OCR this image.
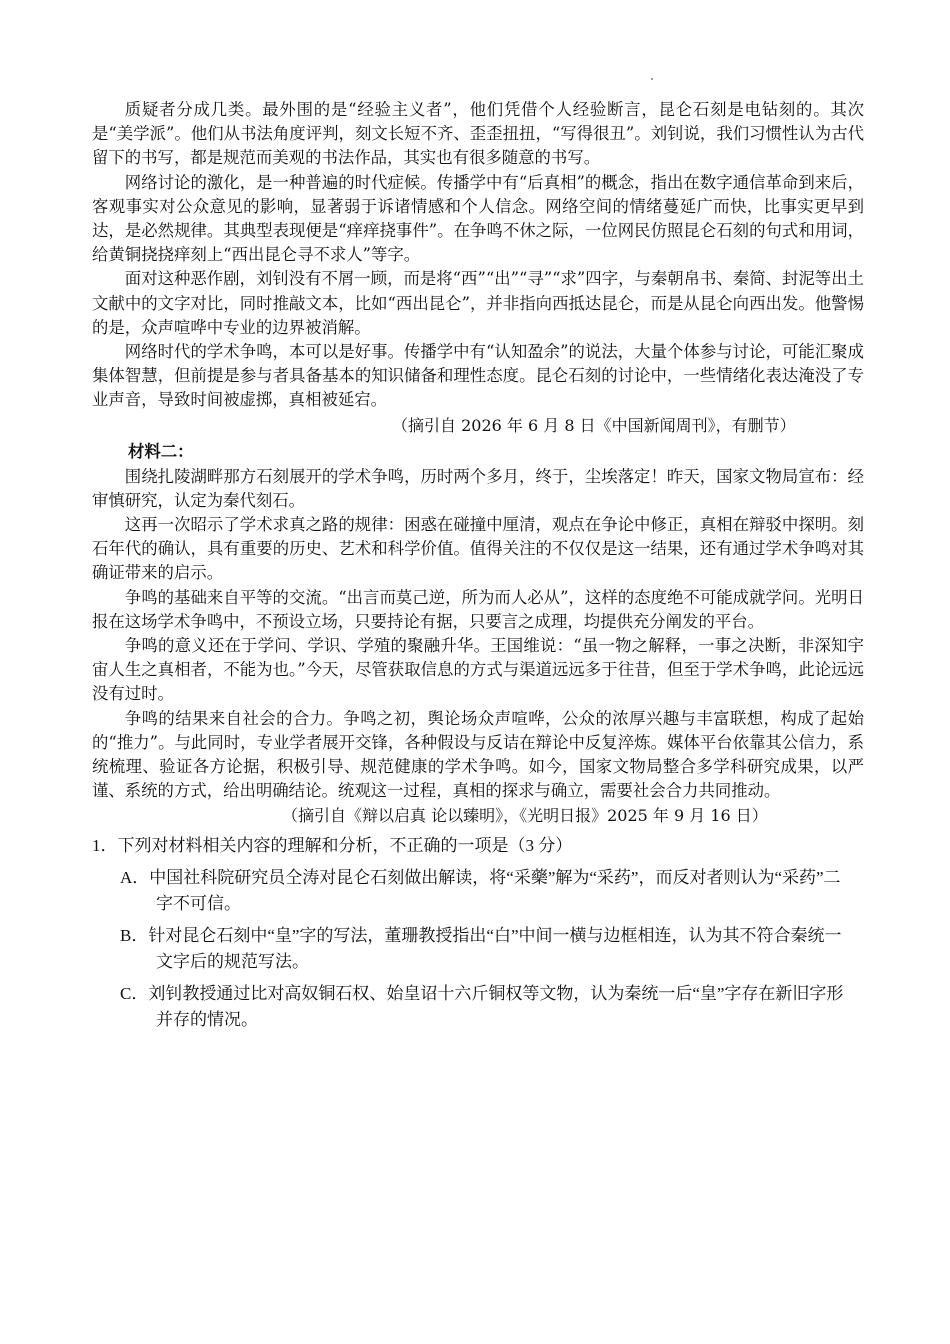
质疑者分成几类。最外围的是“经验主义者”，他们凭借个人经验断言，昆仑石刻是电钻刻的。其次是“美学派”。他们从书法角度评判，刻文长短不齐、歪歪扭扭，“写得很丑”。刘钊说，我们习惯性认为古代留下的书写，都是规范而美观的书法作品，其实也有很多随意的书写。

网络讨论的激化，是一种普遍的时代症候。传播学中有“后真相”的概念，指出在数字通信革命到来后，客观事实对公众意见的影响，显著弱于诉诸情感和个人信念。网络空间的情绪蔓延广而快，比事实更早到达，是必然规律。其典型表现便是“痒痒挠事件”。在争鸣不休之际，一位网民仿照昆仑石刻的句式和用词，给黄铜挠挠痒刻上“西出昆仑寻不求人”等字。

面对这种恶作剧，刘钊没有不屑一顾，而是将“西”“出”“寻”“求”四字，与秦朝帛书、秦简、封泥等出土文献中的文字对比，同时推敲文本，比如“西出昆仑”，并非指向西抵达昆仑，而是从昆仑向西出发。他警惕的是，众声喧哗中专业的边界被消解。

网络时代的学术争鸣，本可以是好事。传播学中有“认知盈余”的说法，大量个体参与讨论，可能汇聚成集体智慧，但前提是参与者具备基本的知识储备和理性态度。昆仑石刻的讨论中，一些情绪化表达淹没了专业声音，导致时间被虚掷，真相被延宕。

（摘引自 2026 年 6 月 8 日《中国新闻周刊》，有删节）

材料二：

围绕扎陵湖畔那方石刻展开的学术争鸣，历时两个多月，终于，尘埃落定！昨天，国家文物局宣布：经审慎研究，认定为秦代刻石。

这再一次昭示了学术求真之路的规律：困惑在碰撞中厘清，观点在争论中修正，真相在辩驳中探明。刻石年代的确认，具有重要的历史、艺术和科学价值。值得关注的不仅仅是这一结果，还有通过学术争鸣对其确证带来的启示。

争鸣的基础来自平等的交流。“出言而莫己逆，所为而人必从”，这样的态度绝不可能成就学问。光明日报在这场学术争鸣中，不预设立场，只要持论有据，只要言之成理，均提供充分阐发的平台。

争鸣的意义还在于学问、学识、学殖的聚融升华。王国维说：“虽一物之解释，一事之决断，非深知宇宙人生之真相者，不能为也。”今天，尽管获取信息的方式与渠道远远多于往昔，但至于学术争鸣，此论远远没有过时。

争鸣的结果来自社会的合力。争鸣之初，舆论场众声喧哗，公众的浓厚兴趣与丰富联想，构成了起始的“推力”。与此同时，专业学者展开交锋，各种假设与反诘在辩论中反复淬炼。媒体平台依靠其公信力，系统梳理、验证各方论据，积极引导、规范健康的学术争鸣。如今，国家文物局整合多学科研究成果，以严谨、系统的方式，给出明确结论。统观这一过程，真相的探求与确立，需要社会合力共同推动。

（摘引自《辩以启真 论以臻明》，《光明日报》2025 年 9 月 16 日）

1．下列对材料相关内容的理解和分析，不正确的一项是（3 分）

A．中国社科院研究员仝涛对昆仑石刻做出解读，将“采藥”解为“采药”，而反对者则认为“采药”二字不可信。

B．针对昆仑石刻中“皇”字的写法，董珊教授指出“白”中间一横与边框相连，认为其不符合秦统一文字后的规范写法。

C．刘钊教授通过比对高奴铜石权、始皇诏十六斤铜权等文物，认为秦统一后“皇”字存在新旧字形并存的情况。
